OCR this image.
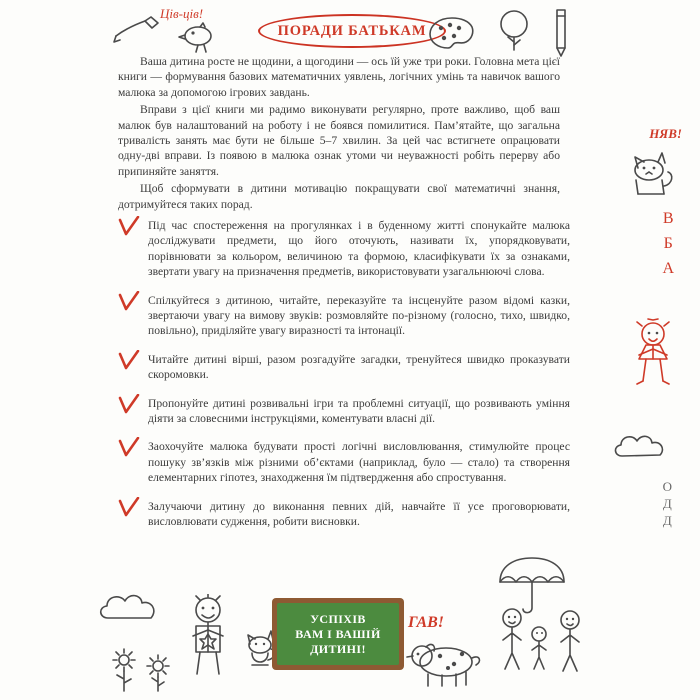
Ців-ців!
ПОРАДИ БАТЬКАМ
НЯВ!
В
Б
А
О
Д
Д

Ваша дитина росте не щодини, а щогодини — ось їй уже три роки. Головна мета цієї книги — формування базових математичних уявлень, логічних умінь та навичок вашого малюка за допомогою ігрових завдань.

Вправи з цієї книги ми радимо виконувати регулярно, проте важливо, щоб ваш малюк був налаштований на роботу і не боявся помилитися. Пам’ятайте, що загальна тривалість занять має бути не більше 5–7 хвилин. За цей час встигнете опрацювати одну-дві вправи. Із появою в малюка ознак утоми чи неуважності робіть перерву або припиняйте заняття.

Щоб сформувати в дитини мотивацію покращувати свої математичні знання, дотримуйтеся таких порад.

Під час спостереження на прогулянках і в буденному житті спонукайте малюка досліджувати предмети, що його оточують, називати їх, упорядковувати, порівнювати за кольором, величиною та формою, класифікувати їх за ознаками, звертати увагу на призначення предметів, використовувати узагальнюючі слова.
Спілкуйтеся з дитиною, читайте, переказуйте та інсценуйте разом відомі казки, звертаючи увагу на вимову звуків: розмовляйте по-різному (голосно, тихо, швидко, повільно), приділяйте увагу виразності та інтонації.
Читайте дитині вірші, разом розгадуйте загадки, тренуйтеся швидко проказувати скоромовки.
Пропонуйте дитині розвивальні ігри та проблемні ситуації, що розвивають уміння діяти за словесними інструкціями, коментувати власні дії.
Заохочуйте малюка будувати прості логічні висловлювання, стимулюйте процес пошуку зв’язків між різними об’єктами (наприклад, було — стало) та створення елементарних гіпотез, знаходження їм підтвердження або спростування.
Залучаючи дитину до виконання певних дій, навчайте її усе проговорювати, висловлювати судження, робити висновки.
ГАВ!
УСПІХІВ
ВАМ І ВАШІЙ
ДИТИНІ!
